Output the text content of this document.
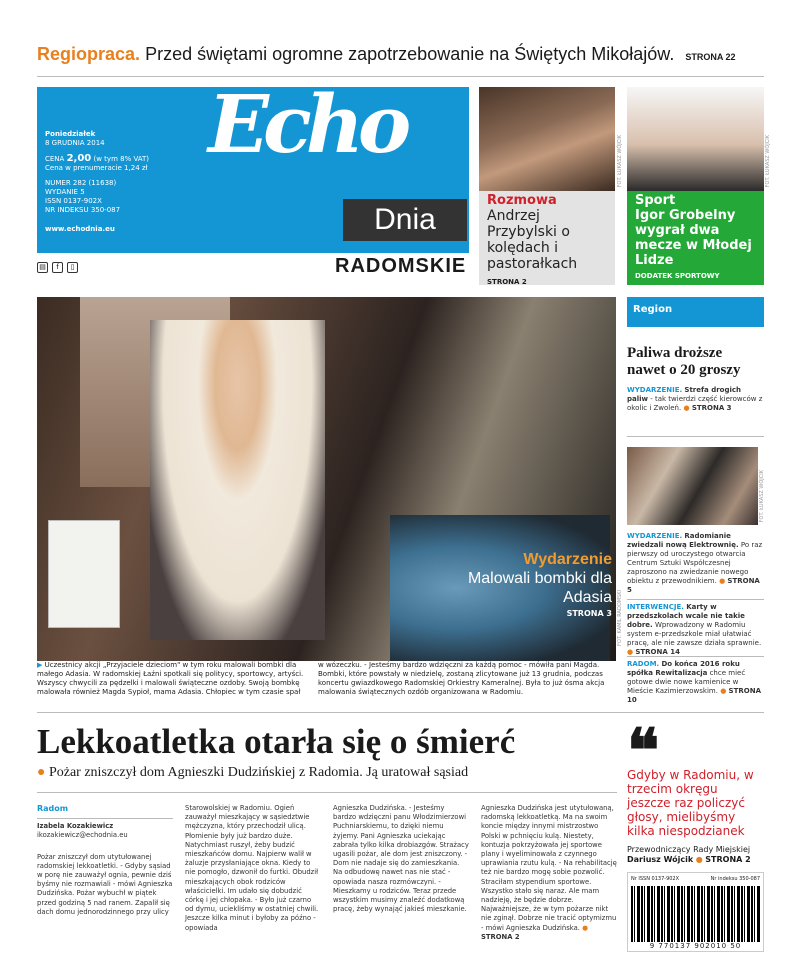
Regiopraca. Przed świętami ogromne zapotrzebowanie na Świętych Mikołajów. STRONA 22
Poniedziałek
8 GRUDNIA 2014
CENA 2,00 (w tym 8% VAT)
Cena w prenumeracie 1,24 zł
NUMER 282 (11638)
WYDANIE 5
ISSN 0137-902X
NR INDEKSU 350-087
www.echodnia.eu
Echo
Dnia
RADOMSKIE
▤	f	▯
FOT. ŁUKASZ WÓJCIK
Rozmowa
Andrzej Przybylski o kolędach i pastorałkach
STRONA 2
FOT. ŁUKASZ WÓJCIK
Sport
Igor Grobelny wygrał dwa mecze w Młodej Lidze
DODATEK SPORTOWY
Wydarzenie
Malowali bombki dla Adasia
STRONA 3 FOT. KAMIL RADOMSKI
▶ Uczestnicy akcji „Przyjaciele dzieciom" w tym roku malowali bombki dla małego Adasia. W radomskiej Łaźni spotkali się politycy, sportowcy, artyści. Wszyscy chwycili za pędzelki i malowali świąteczne ozdoby. Swoją bombkę malowała również Magda Sypioł, mama Adasia. Chłopiec w tym czasie spał
w wózeczku. - Jesteśmy bardzo wdzięczni za każdą pomoc - mówiła pani Magda. Bombki, które powstały w niedzielę, zostaną zlicytowane już 13 grudnia, podczas koncertu gwiazdkowego Radomskiej Orkiestry Kameralnej. Była to już ósma akcja malowania świątecznych ozdób organizowana w Radomiu.
Region
Paliwa droższe nawet o 20 groszy
WYDARZENIE. Strefa drogich paliw - tak twierdzi część kierowców z okolic i Zwoleń. ● STRONA 3
FOT. ŁUKASZ WÓJCIK
WYDARZENIE. Radomianie zwiedzali nową Elektrownię. Po raz pierwszy od uroczystego otwarcia Centrum Sztuki Współczesnej zaproszono na zwiedzanie nowego obiektu z przewodnikiem. ● STRONA 5
INTERWENCJE. Karty w przedszkolach wcale nie takie dobre. Wprowadzony w Radomiu system e-przedszkole miał ułatwiać pracę, ale nie zawsze działa sprawnie. ● STRONA 14
RADOM. Do końca 2016 roku spółka Rewitalizacja chce mieć gotowe dwie nowe kamienice w Mieście Kazimierzowskim. ● STRONA 10
Lekkoatletka otarła się o śmierć
● Pożar zniszczył dom Agnieszki Dudzińskiej z Radomia. Ją uratował sąsiad
Radom
Izabela Kozakiewicz
ikozakiewicz@echodnia.eu
Pożar zniszczył dom utytułowanej radomskiej lekkoatletki. - Gdyby sąsiad w porę nie zauważył ognia, pewnie dziś byśmy nie rozmawiali - mówi Agnieszka Dudzińska. Pożar wybuchł w piątek przed godziną 5 nad ranem. Zapalił się dach domu jednorodzinnego przy ulicy
Starowolskiej w Radomiu. Ogień zauważył mieszkający w sąsiedztwie mężczyzna, który przechodził ulicą. Płomienie były już bardzo duże. Natychmiast ruszył, żeby budzić mieszkańców domu. Najpierw walił w żaluzje przysłaniające okna. Kiedy to nie pomogło, dzwonił do furtki. Obudził mieszkających obok rodziców właścicielki. Im udało się dobudzić córkę i jej chłopaka. - Było już czarno od dymu, uciekliśmy w ostatniej chwili. Jeszcze kilka minut i byłoby za późno - opowiada
Agnieszka Dudzińska. - Jesteśmy bardzo wdzięczni panu Włodzimierzowi Puchniarskiemu, to dzięki niemu żyjemy. Pani Agnieszka uciekając zabrała tylko kilka drobiazgów. Strażacy ugasili pożar, ale dom jest zniszczony. - Dom nie nadaje się do zamieszkania. Na odbudowę nawet nas nie stać - opowiada nasza rozmówczyni. - Mieszkamy u rodziców. Teraz przede wszystkim musimy znaleźć dodatkową pracę, żeby wynająć jakieś mieszkanie.
Agnieszka Dudzińska jest utytułowaną, radomską lekkoatletką. Ma na swoim koncie między innymi mistrzostwo Polski w pchnięciu kulą. Niestety, kontuzja pokrzyżowała jej sportowe plany i wyeliminowała z czynnego uprawiania rzutu kulą. - Na rehabilitację też nie bardzo mogę sobie pozwolić. Straciłam stypendium sportowe. Wszystko stało się naraz. Ale mam nadzieję, że będzie dobrze. Najważniejsze, że w tym pożarze nikt nie zginął. Dobrze nie tracić optymizmu - mówi Agnieszka Dudzińska. ● STRONA 2
❝
Gdyby w Radomiu, w trzecim okręgu jeszcze raz policzyć głosy, mielibyśmy kilka niespodzianek
Przewodniczący Rady Miejskiej
Dariusz Wójcik ● STRONA 2
Nr ISSN 0137-902X	Nr indeksu 350-087
9 770137 902010 50
